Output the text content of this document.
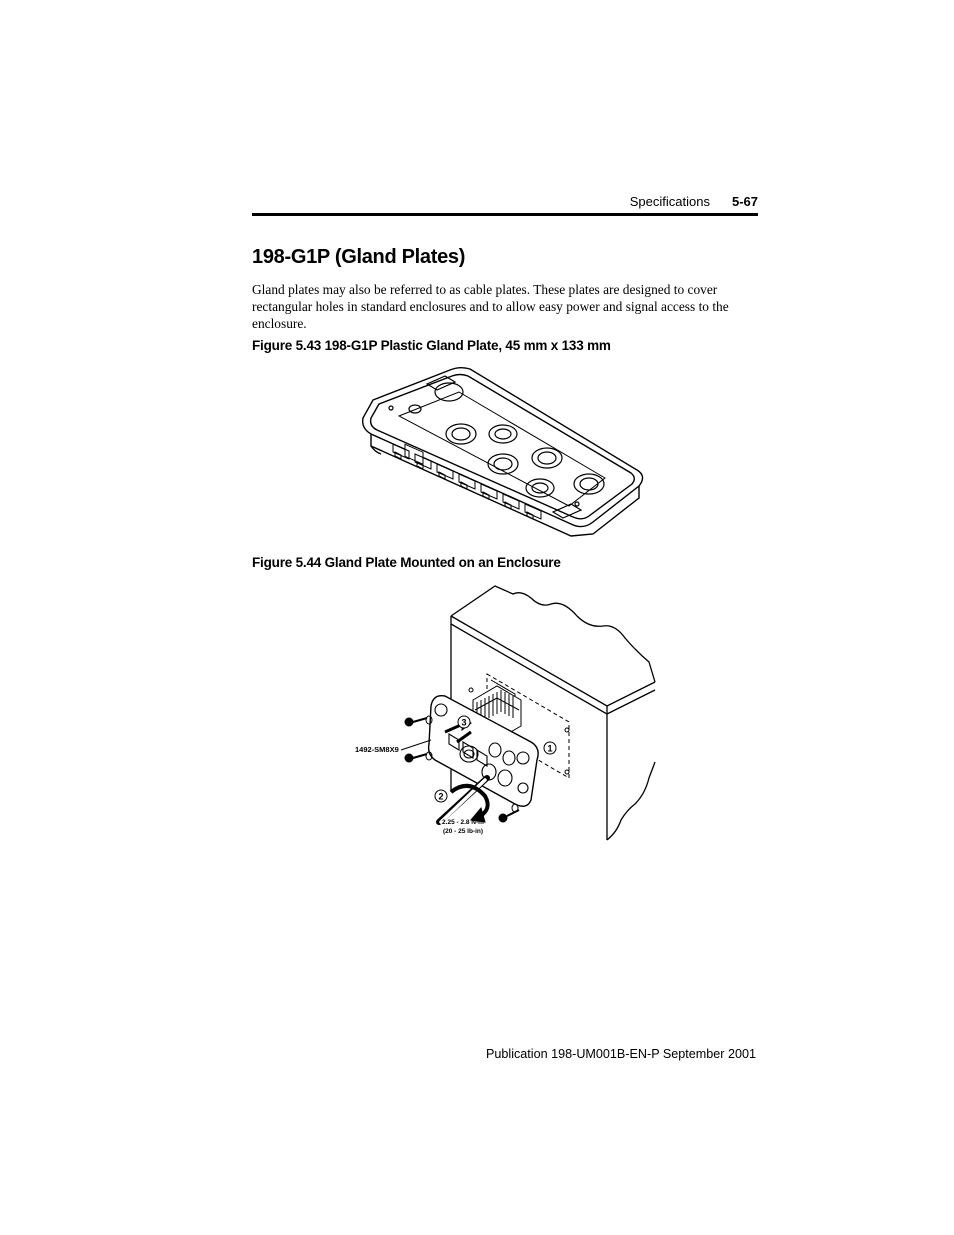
Specifications 5-67
198-G1P (Gland Plates)

Gland plates may also be referred to as cable plates. These plates are designed to cover rectangular holes in standard enclosures and to allow easy power and signal access to the enclosure.

Figure 5.43 198-G1P Plastic Gland Plate, 45 mm x 133 mm

Figure 5.44 Gland Plate Mounted on an Enclosure

3
1
2
1492-SM8X9
2.25 - 2.8 N-m
(20 - 25 lb-in)
Publication 198-UM001B-EN-P September 2001
